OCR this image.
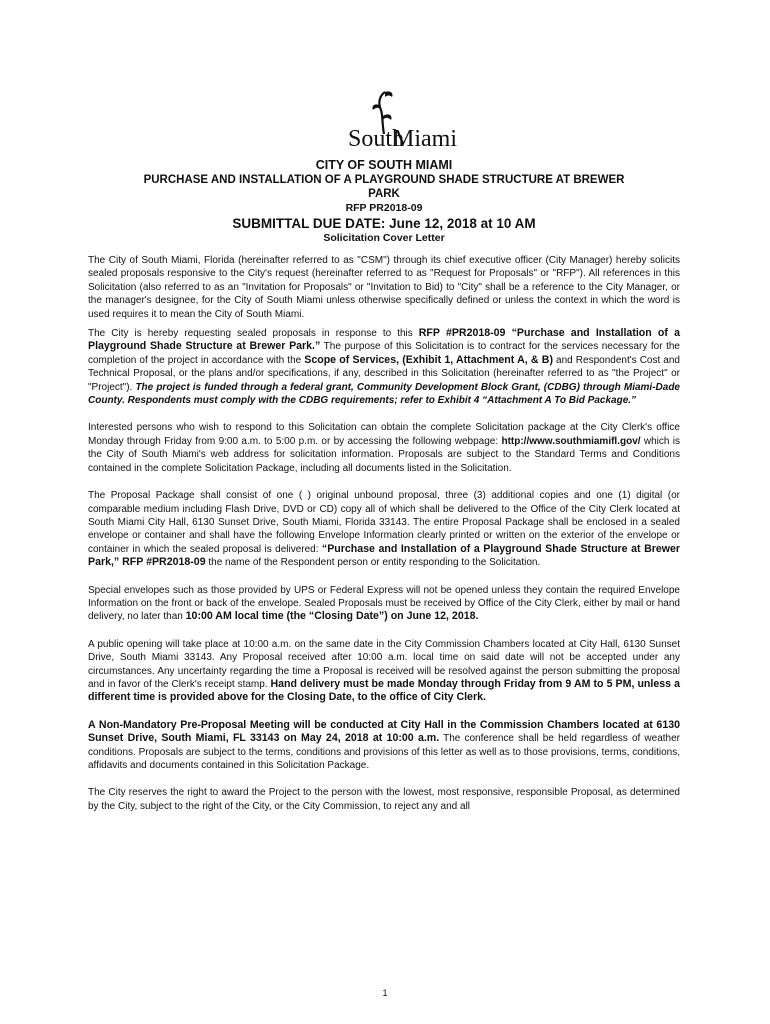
South
Miami
CITY OF SOUTH MIAMI
PURCHASE AND INSTALLATION OF A PLAYGROUND SHADE STRUCTURE AT BREWER
PARK
RFP PR2018-09
SUBMITTAL DUE DATE: June 12, 2018 at 10 AM
Solicitation Cover Letter

The City of South Miami, Florida (hereinafter referred to as "CSM") through its chief executive officer (City Manager) hereby solicits sealed proposals responsive to the City's request (hereinafter referred to as "Request for Proposals" or "RFP"). All references in this Solicitation (also referred to as an "Invitation for Proposals" or "Invitation to Bid) to "City" shall be a reference to the City Manager, or the manager's designee, for the City of South Miami unless otherwise specifically defined or unless the context in which the word is used requires it to mean the City of South Miami.

The City is hereby requesting sealed proposals in response to this RFP #PR2018-09 “Purchase and Installation of a Playground Shade Structure at Brewer Park.” The purpose of this Solicitation is to contract for the services necessary for the completion of the project in accordance with the Scope of Services, (Exhibit 1, Attachment A, & B) and Respondent's Cost and Technical Proposal, or the plans and/or specifications, if any, described in this Solicitation (hereinafter referred to as "the Project" or "Project"). The project is funded through a federal grant, Community Development Block Grant, (CDBG) through Miami-Dade County. Respondents must comply with the CDBG requirements; refer to Exhibit 4 “Attachment A To Bid Package.”

Interested persons who wish to respond to this Solicitation can obtain the complete Solicitation package at the City Clerk's office Monday through Friday from 9:00 a.m. to 5:00 p.m. or by accessing the following webpage: http://www.southmiamifl.gov/ which is the City of South Miami's web address for solicitation information. Proposals are subject to the Standard Terms and Conditions contained in the complete Solicitation Package, including all documents listed in the Solicitation.

The Proposal Package shall consist of one ( ) original unbound proposal, three (3) additional copies and one (1) digital (or comparable medium including Flash Drive, DVD or CD) copy all of which shall be delivered to the Office of the City Clerk located at South Miami City Hall, 6130 Sunset Drive, South Miami, Florida 33143. The entire Proposal Package shall be enclosed in a sealed envelope or container and shall have the following Envelope Information clearly printed or written on the exterior of the envelope or container in which the sealed proposal is delivered: “Purchase and Installation of a Playground Shade Structure at Brewer Park,” RFP #PR2018-09 the name of the Respondent person or entity responding to the Solicitation.

Special envelopes such as those provided by UPS or Federal Express will not be opened unless they contain the required Envelope Information on the front or back of the envelope. Sealed Proposals must be received by Office of the City Clerk, either by mail or hand delivery, no later than 10:00 AM local time (the “Closing Date”) on June 12, 2018.

A public opening will take place at 10:00 a.m. on the same date in the City Commission Chambers located at City Hall, 6130 Sunset Drive, South Miami 33143. Any Proposal received after 10:00 a.m. local time on said date will not be accepted under any circumstances. Any uncertainty regarding the time a Proposal is received will be resolved against the person submitting the proposal and in favor of the Clerk's receipt stamp. Hand delivery must be made Monday through Friday from 9 AM to 5 PM, unless a different time is provided above for the Closing Date, to the office of City Clerk.

A Non-Mandatory Pre-Proposal Meeting will be conducted at City Hall in the Commission Chambers located at 6130 Sunset Drive, South Miami, FL 33143 on May 24, 2018 at 10:00 a.m. The conference shall be held regardless of weather conditions. Proposals are subject to the terms, conditions and provisions of this letter as well as to those provisions, terms, conditions, affidavits and documents contained in this Solicitation Package.

The City reserves the right to award the Project to the person with the lowest, most responsive, responsible Proposal, as determined by the City, subject to the right of the City, or the City Commission, to reject any and all

1
